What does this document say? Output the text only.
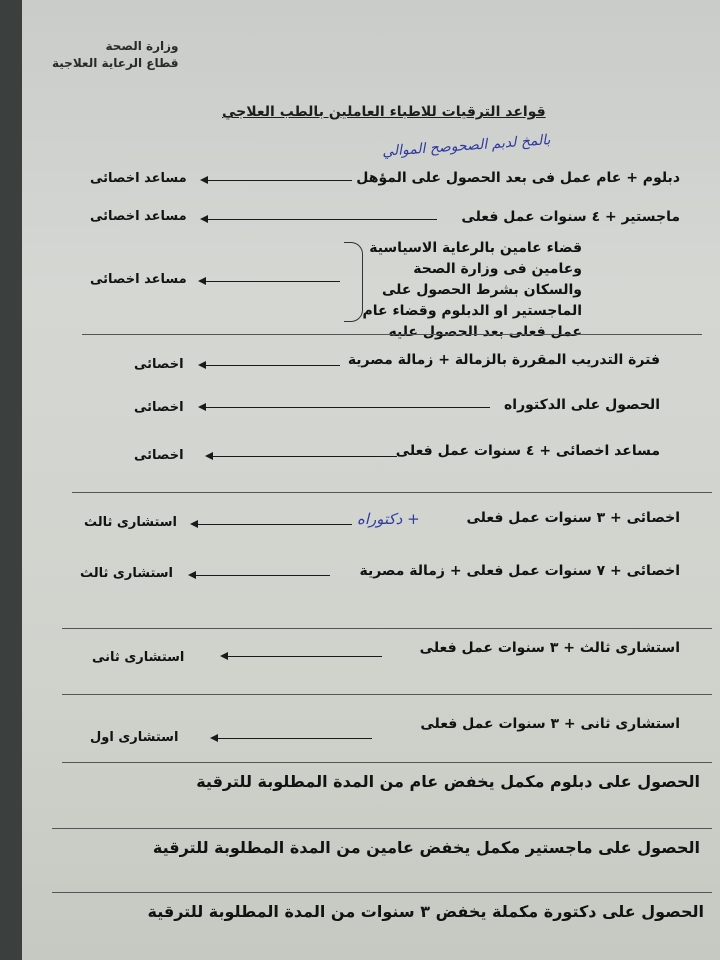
وزارة الصحة
قطاع الرعاية العلاجية
قواعد الترقيات للاطباء العاملين بالطب العلاجي
بالمخ لدبم الصحوصح الموالي
دبلوم + عام عمل فى بعد الحصول على المؤهل
مساعد اخصائى
ماجستير + ٤ سنوات عمل فعلى
مساعد اخصائى
قضاء عامين بالرعاية الاسياسية وعامين فى وزارة الصحة والسكان بشرط الحصول على الماجستير او الدبلوم وقضاء عام عمل فعلى بعد الحصول عليه
مساعد اخصائى
فترة التدريب المقررة بالزمالة + زمالة مصرية
اخصائى
الحصول على الدكتوراه
اخصائى
مساعد اخصائى + ٤ سنوات عمل فعلى
اخصائى
اخصائى + ٣ سنوات عمل فعلى
+ دكتوراه
استشارى ثالث
اخصائى + ٧ سنوات عمل فعلى + زمالة مصرية
استشارى ثالث
استشارى ثالث + ٣ سنوات عمل فعلى
استشارى ثانى
استشارى ثانى + ٣ سنوات عمل فعلى
استشارى اول
الحصول على دبلوم مكمل يخفض عام من المدة المطلوبة للترقية
الحصول على ماجستير مكمل يخفض عامين من المدة المطلوبة للترقية
الحصول على دكتورة مكملة يخفض ٣ سنوات من المدة المطلوبة للترقية
